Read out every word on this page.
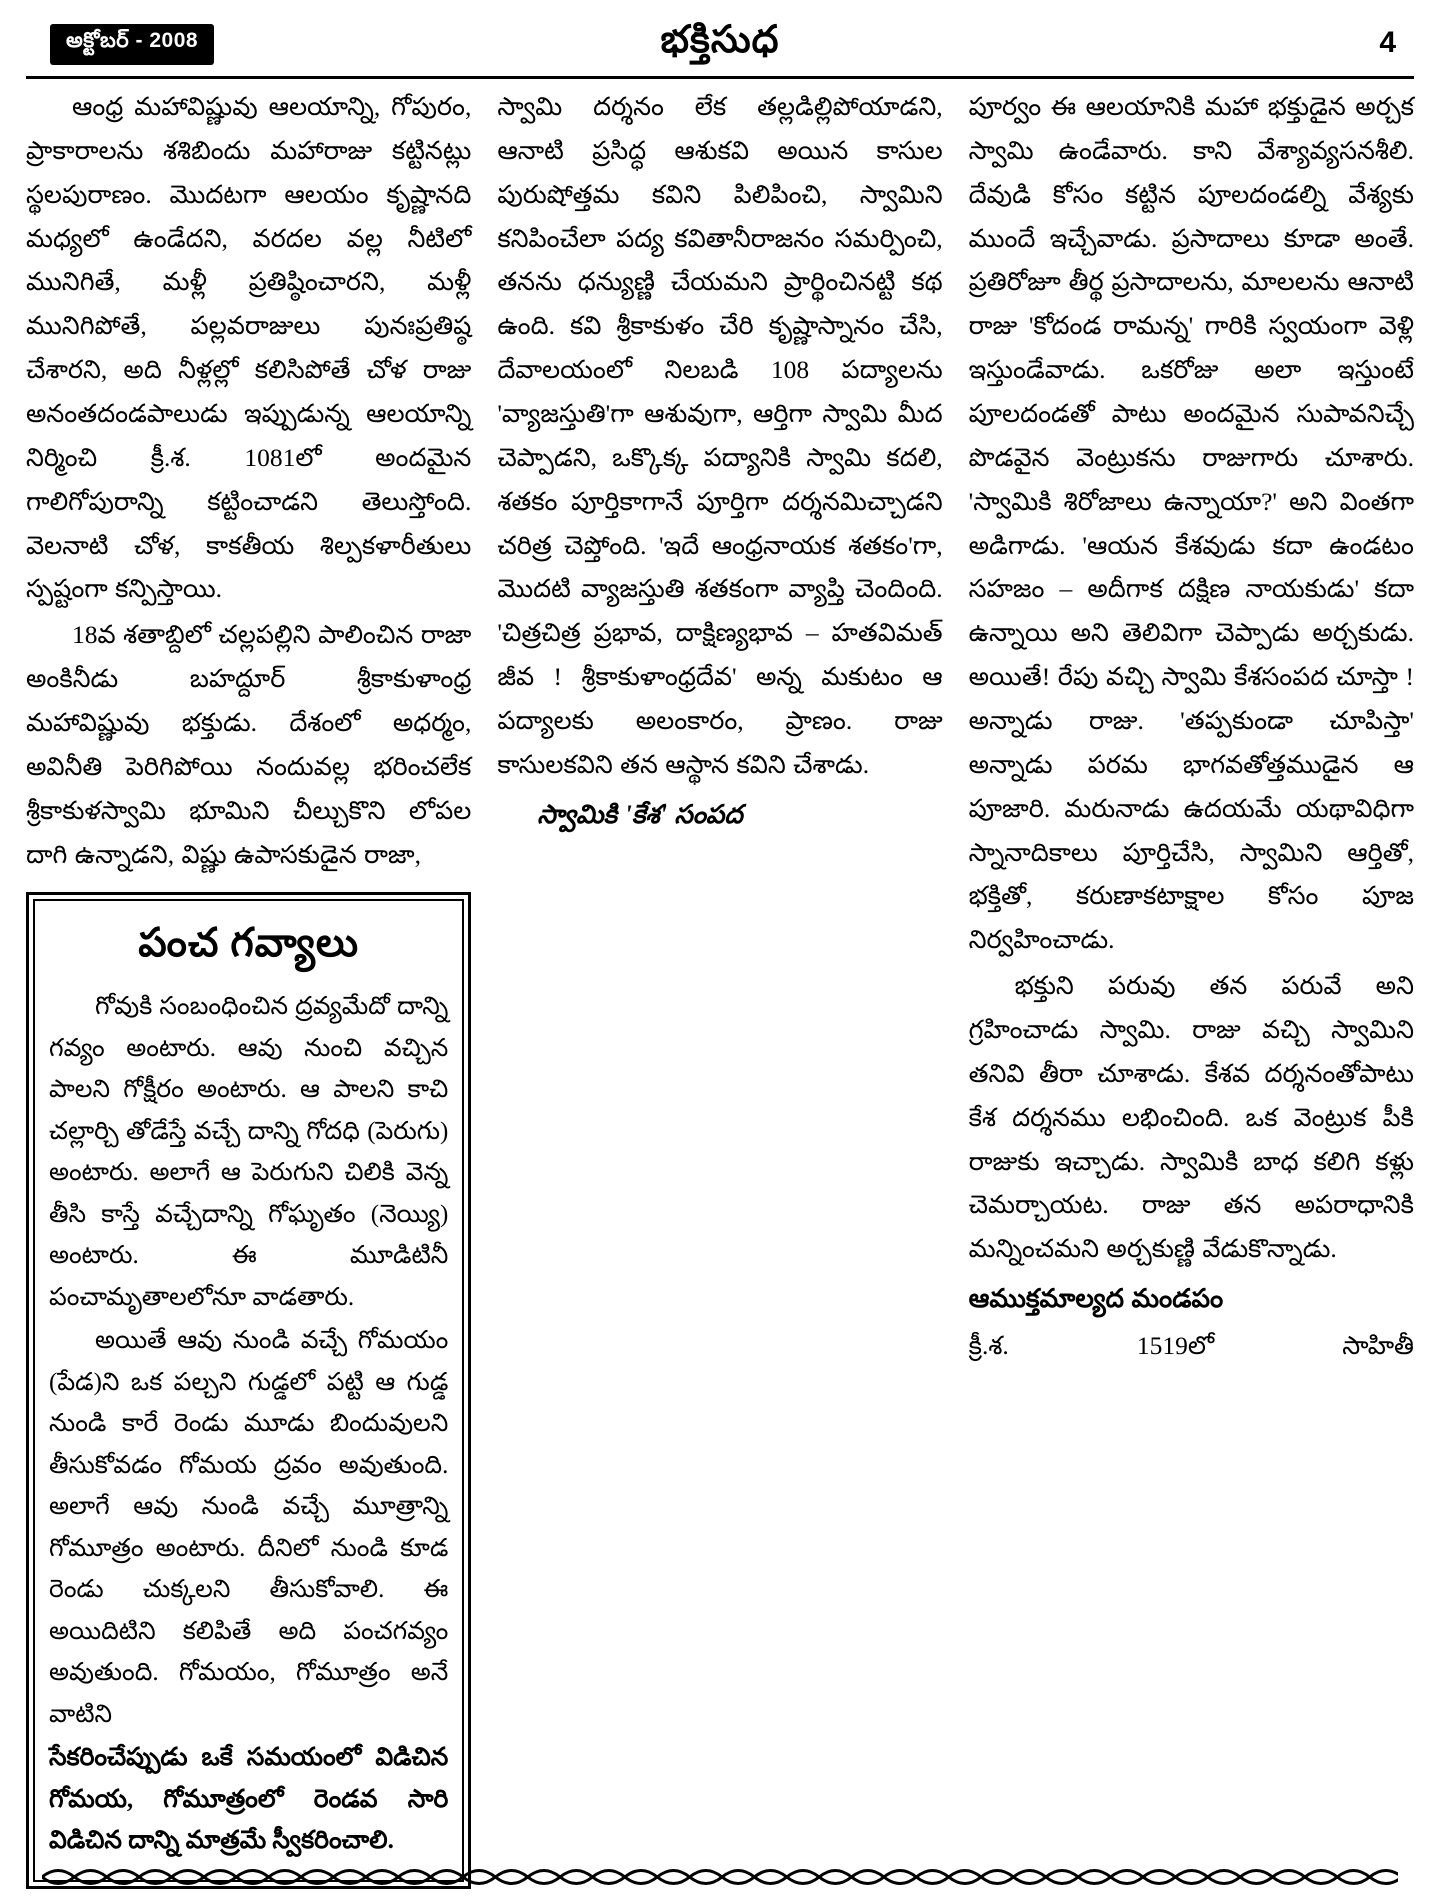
అక్టోబర్ - 2008	భక్తిసుధ	4

ఆంధ్ర మహావిష్ణువు ఆలయాన్ని, గోపురం, ప్రాకారాలను శశిబిందు మహారాజు కట్టినట్లు స్థలపురాణం. మొదటగా ఆలయం కృష్ణానది మధ్యలో ఉండేదని, వరదల వల్ల నీటిలో మునిగితే, మళ్లీ ప్రతిష్ఠించారని, మళ్లీ మునిగిపోతే, పల్లవరాజులు పునఃప్రతిష్ఠ చేశారని, అది నీళ్లల్లో కలిసిపోతే చోళ రాజు అనంతదండపాలుడు ఇప్పుడున్న ఆలయాన్ని నిర్మించి క్రీ.శ. 1081లో అందమైన గాలిగోపురాన్ని కట్టించాడని తెలుస్తోంది. వెలనాటి చోళ, కాకతీయ శిల్పకళారీతులు స్పష్టంగా కన్పిస్తాయి.

18వ శతాబ్దిలో చల్లపల్లిని పాలించిన రాజా అంకినీడు బహద్దూర్ శ్రీకాకుళాంధ్ర మహావిష్ణువు భక్తుడు. దేశంలో అధర్మం, అవినీతి పెరిగిపోయి నందువల్ల భరించలేక శ్రీకాకుళస్వామి భూమిని చీల్చుకొని లోపల దాగి ఉన్నాడని, విష్ణు ఉపాసకుడైన రాజా,

పంచ గవ్యాలు

గోవుకి సంబంధించిన ద్రవ్యమేదో దాన్ని గవ్యం అంటారు. ఆవు నుంచి వచ్చిన పాలని గోక్షీరం అంటారు. ఆ పాలని కాచి చల్లార్చి తోడేస్తే వచ్చే దాన్ని గోదధి (పెరుగు) అంటారు. అలాగే ఆ పెరుగుని చిలికి వెన్న తీసి కాస్తే వచ్చేదాన్ని గోఘృతం (నెయ్యి) అంటారు. ఈ మూడిటినీ పంచామృతాలలోనూ వాడతారు.

అయితే ఆవు నుండి వచ్చే గోమయం (పేడ)ని ఒక పల్చని గుడ్డలో పట్టి ఆ గుడ్డ నుండి కారే రెండు మూడు బిందువులని తీసుకోవడం గోమయ ద్రవం అవుతుంది. అలాగే ఆవు నుండి వచ్చే మూత్రాన్ని గోమూత్రం అంటారు. దీనిలో నుండి కూడ రెండు చుక్కలని తీసుకోవాలి. ఈ అయిదిటిని కలిపితే అది పంచగవ్యం అవుతుంది. గోమయం, గోమూత్రం అనే వాటిని

సేకరించేప్పుడు ఒకే సమయంలో విడిచిన గోమయ, గోమూత్రంలో రెండవ సారి విడిచిన దాన్ని మాత్రమే స్వీకరించాలి.

స్వామి దర్శనం లేక తల్లడిల్లిపోయాడని, ఆనాటి ప్రసిద్ధ ఆశుకవి అయిన కాసుల పురుషోత్తమ కవిని పిలిపించి, స్వామిని కనిపించేలా పద్య కవితానీరాజనం సమర్పించి, తనను ధన్యుణ్ణి చేయమని ప్రార్థించినట్టి కథ ఉంది. కవి శ్రీకాకుళం చేరి కృష్ణాస్నానం చేసి, దేవాలయంలో నిలబడి 108 పద్యాలను 'వ్యాజస్తుతి'గా ఆశువుగా, ఆర్తిగా స్వామి మీద చెప్పాడని, ఒక్కొక్క పద్యానికి స్వామి కదలి, శతకం పూర్తికాగానే పూర్తిగా దర్శనమిచ్చాడని చరిత్ర చెప్తోంది. 'ఇదే ఆంధ్రనాయక శతకం'గా, మొదటి వ్యాజస్తుతి శతకంగా వ్యాప్తి చెందింది. 'చిత్రచిత్ర ప్రభావ, దాక్షిణ్యభావ – హతవిమత్ జీవ ! శ్రీకాకుళాంధ్రదేవ' అన్న మకుటం ఆ పద్యాలకు అలంకారం, ప్రాణం. రాజు కాసులకవిని తన ఆస్థాన కవిని చేశాడు.

స్వామికి 'కేశ' సంపద

పూర్వం ఈ ఆలయానికి మహా భక్తుడైన అర్చక స్వామి ఉండేవారు. కాని వేశ్యావ్యసనశీలి. దేవుడి కోసం కట్టిన పూలదండల్ని వేశ్యకు ముందే ఇచ్చేవాడు. ప్రసాదాలు కూడా అంతే. ప్రతిరోజూ తీర్థ ప్రసాదాలను, మాలలను ఆనాటి రాజు 'కోదండ రామన్న' గారికి స్వయంగా వెళ్లి ఇస్తుండేవాడు. ఒకరోజు అలా ఇస్తుంటే పూలదండతో పాటు అందమైన సుపావనిచ్చే పొడవైన వెంట్రుకను రాజుగారు చూశారు. 'స్వామికి శిరోజాలు ఉన్నాయా?' అని వింతగా అడిగాడు. 'ఆయన కేశవుడు కదా ఉండటం సహజం – అదీగాక దక్షిణ నాయకుడు' కదా ఉన్నాయి అని తెలివిగా చెప్పాడు అర్చకుడు. అయితే! రేపు వచ్చి స్వామి కేశసంపద చూస్తా ! అన్నాడు రాజు. 'తప్పకుండా చూపిస్తా' అన్నాడు పరమ భాగవతోత్తముడైన ఆ పూజారి. మరునాడు ఉదయమే యథావిధిగా స్నానాదికాలు పూర్తిచేసి, స్వామిని ఆర్తితో, భక్తితో, కరుణాకటాక్షాల కోసం పూజ నిర్వహించాడు.

భక్తుని పరువు తన పరువే అని గ్రహించాడు స్వామి. రాజు వచ్చి స్వామిని తనివి తీరా చూశాడు. కేశవ దర్శనంతోపాటు కేశ దర్శనము లభించింది. ఒక వెంట్రుక పీకి రాజుకు ఇచ్చాడు. స్వామికి బాధ కలిగి కళ్లు చెమర్చాయట. రాజు తన అపరాధానికి మన్నించమని అర్చకుణ్ణి వేడుకొన్నాడు.

ఆముక్తమాల్యద మండపం
క్రీ.శ.	1519లో	సాహితీ
